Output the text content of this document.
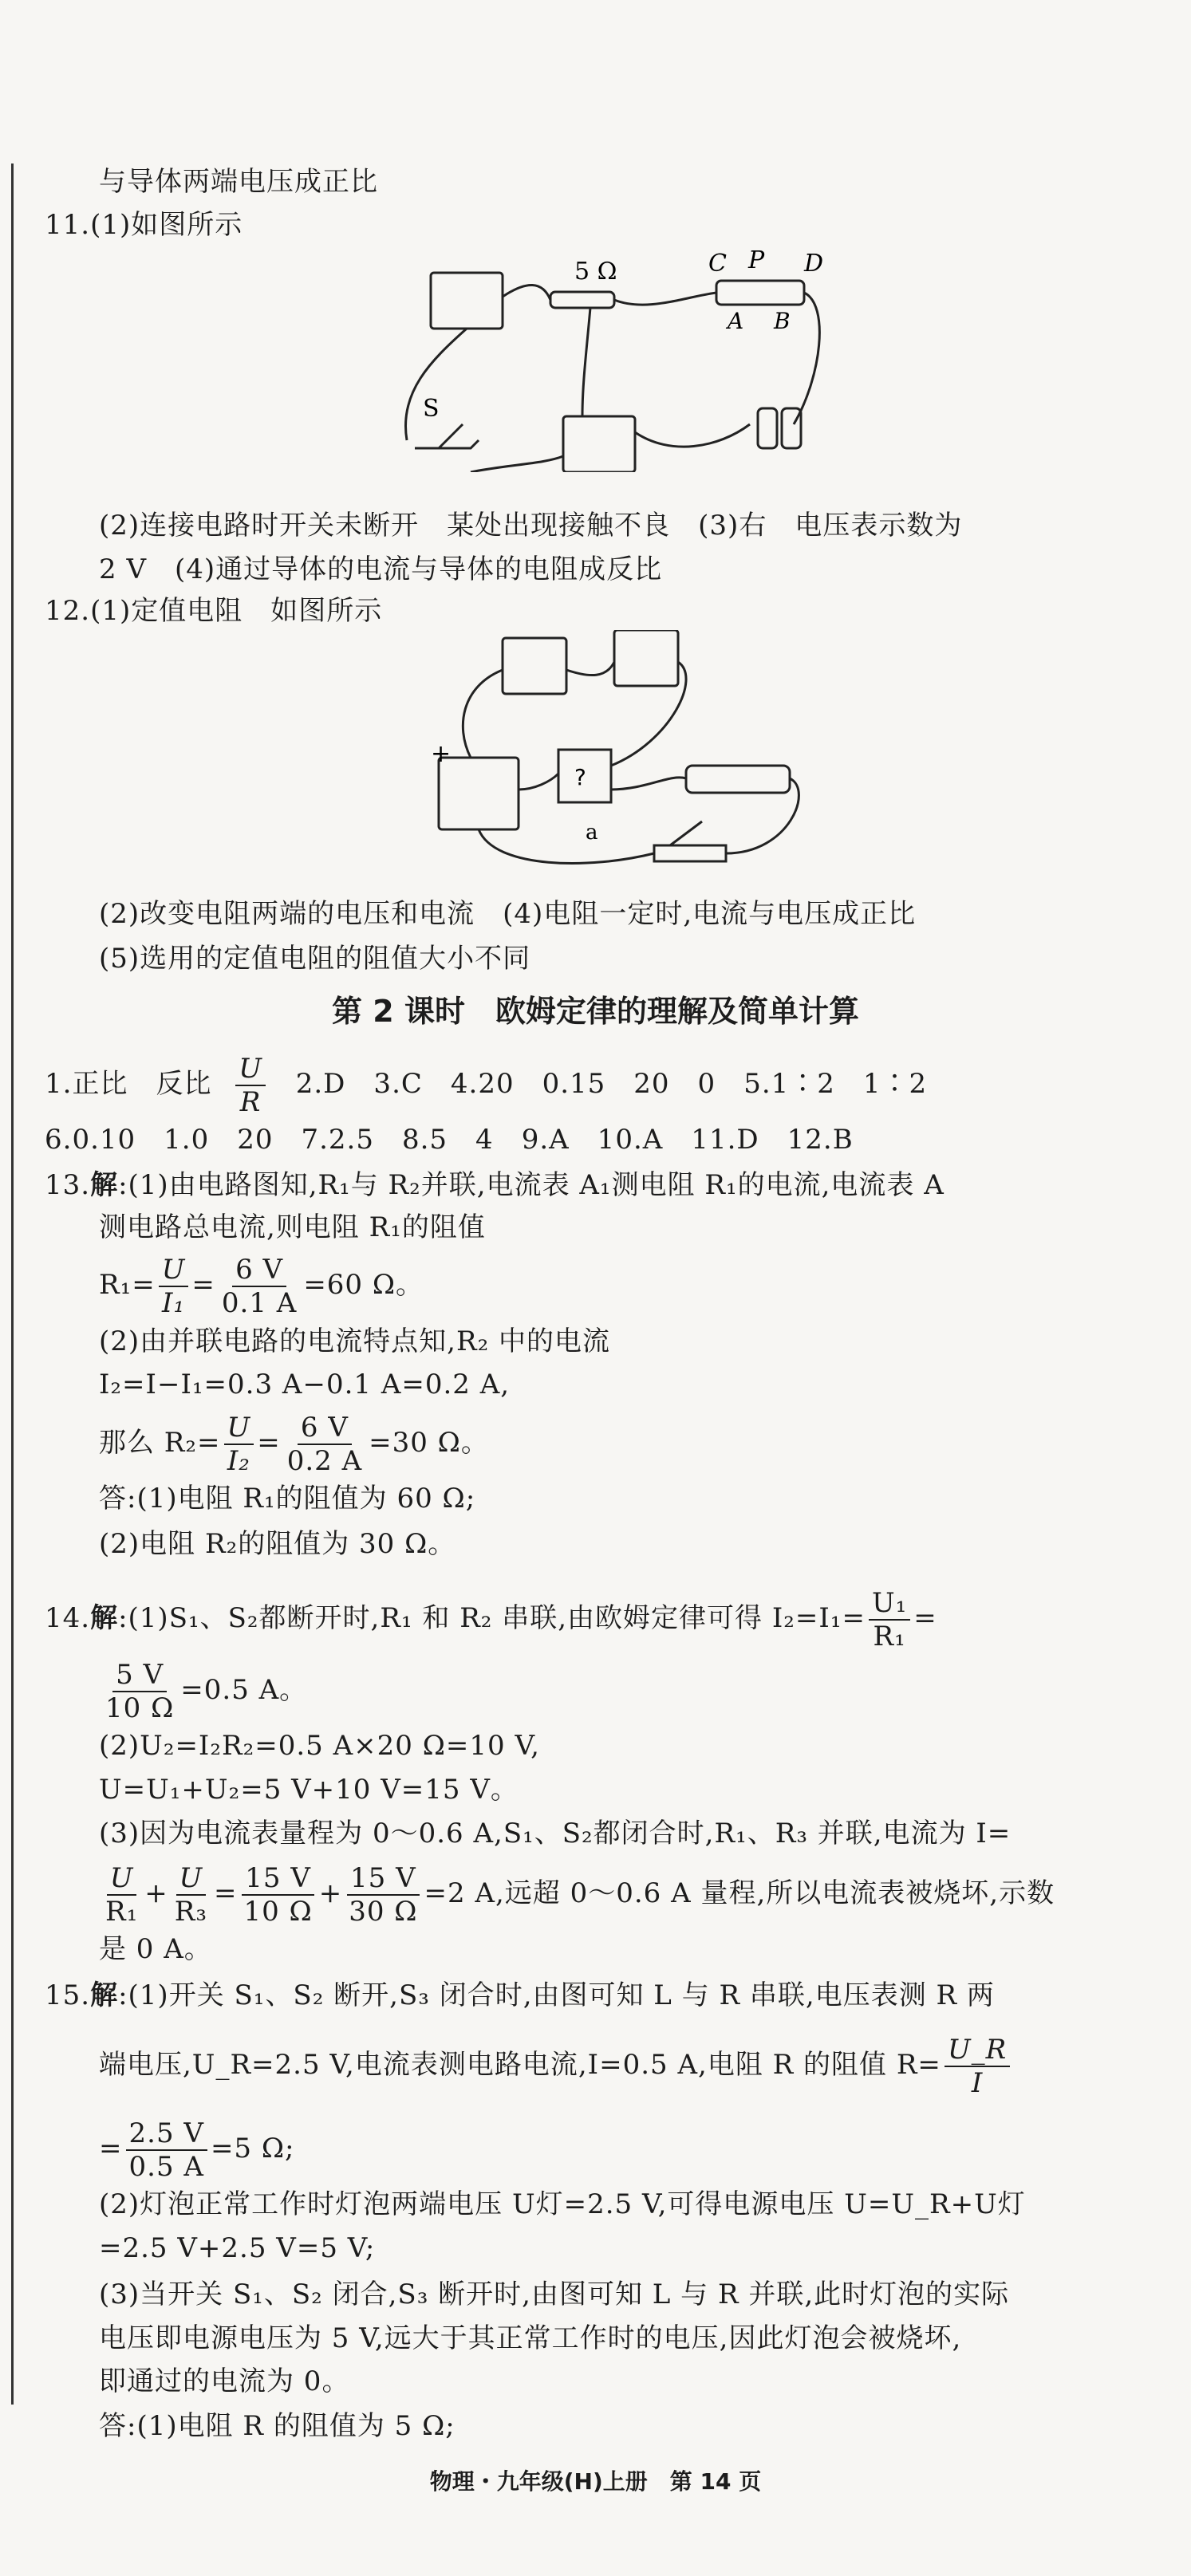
与导体两端电压成正比
11.(1)如图所示
5 Ω	C P D
A B
S
(2)连接电路时开关未断开　某处出现接触不良　(3)右　电压表示数为
2 V　(4)通过导体的电流与导体的电阻成反比
12.(1)定值电阻　如图所示
+
?
a
(2)改变电阻两端的电压和电流　(4)电阻一定时,电流与电压成正比
(5)选用的定值电阻的阻值大小不同
第 2 课时　欧姆定律的理解及简单计算
1.正比　反比 $\frac{U}{R} 2.D$　3.C　4.20　0.15　20　0　5.1∶2　1∶2
6.0.10　1.0　20　7.2.5　8.5　4　9.A　10.A　11.D　12.B
13.解:(1)由电路图知,R₁与 R₂并联,电流表 A₁测电阻 R₁的电流,电流表 A
测电路总电流,则电阻 R₁的阻值
$R_1= \frac{U}{\text{I₁}} = \frac{6 V}{0.1 A} =60$ Ω。
(2)由并联电路的电流特点知,R₂ 中的电流
I₂=I−I₁=0.3 A−0.1 A=0.2 A,
那么 $R_2= \frac{U}{\text{I₂}} = \frac{6 V}{0.2 A} =30$ Ω。
答:(1)电阻 R₁的阻值为 60 Ω;
(2)电阻 R₂的阻值为 30 Ω。
14.解:(1)S₁、S₂都断开时,R₁ 和 R₂ 串联,由欧姆定律可得 $I_2=I_1= \frac{\text{U₁}}{\text{R₁}}$ =
$\frac{5 V}{10 \Omega} =0.5$ A。
(2)U₂=I₂R₂=0.5 A×20 Ω=10 V,
U=U₁+U₂=5 V+10 V=15 V。
(3)因为电流表量程为 0～0.6 A,S₁、S₂都闭合时,R₁、R₃ 并联,电流为 I=
$\frac{U}{\text{R₁}} + \frac{U}{\text{R₃}} = \frac{15 V}{10 \Omega} + \frac{15 V}{30 \Omega} =2$ A,远超 0～0.6 A 量程,所以电流表被烧坏,示数
是 0 A。
15.解:(1)开关 S₁、S₂ 断开,S₃ 闭合时,由图可知 L 与 R 串联,电压表测 R 两
端电压,U_R=2.5 V,电流表测电路电流,I=0.5 A,电阻 R 的阻值 $R= \frac{U\_R}{I}$
= $\frac{2.5 V}{0.5 A} =5$ Ω;
(2)灯泡正常工作时灯泡两端电压 U灯=2.5 V,可得电源电压 U=U_R+U灯
=2.5 V+2.5 V=5 V;
(3)当开关 S₁、S₂ 闭合,S₃ 断开时,由图可知 L 与 R 并联,此时灯泡的实际
电压即电源电压为 5 V,远大于其正常工作时的电压,因此灯泡会被烧坏,
即通过的电流为 0。
答:(1)电阻 R 的阻值为 5 Ω;
物理・九年级(H)上册　第 14 页
